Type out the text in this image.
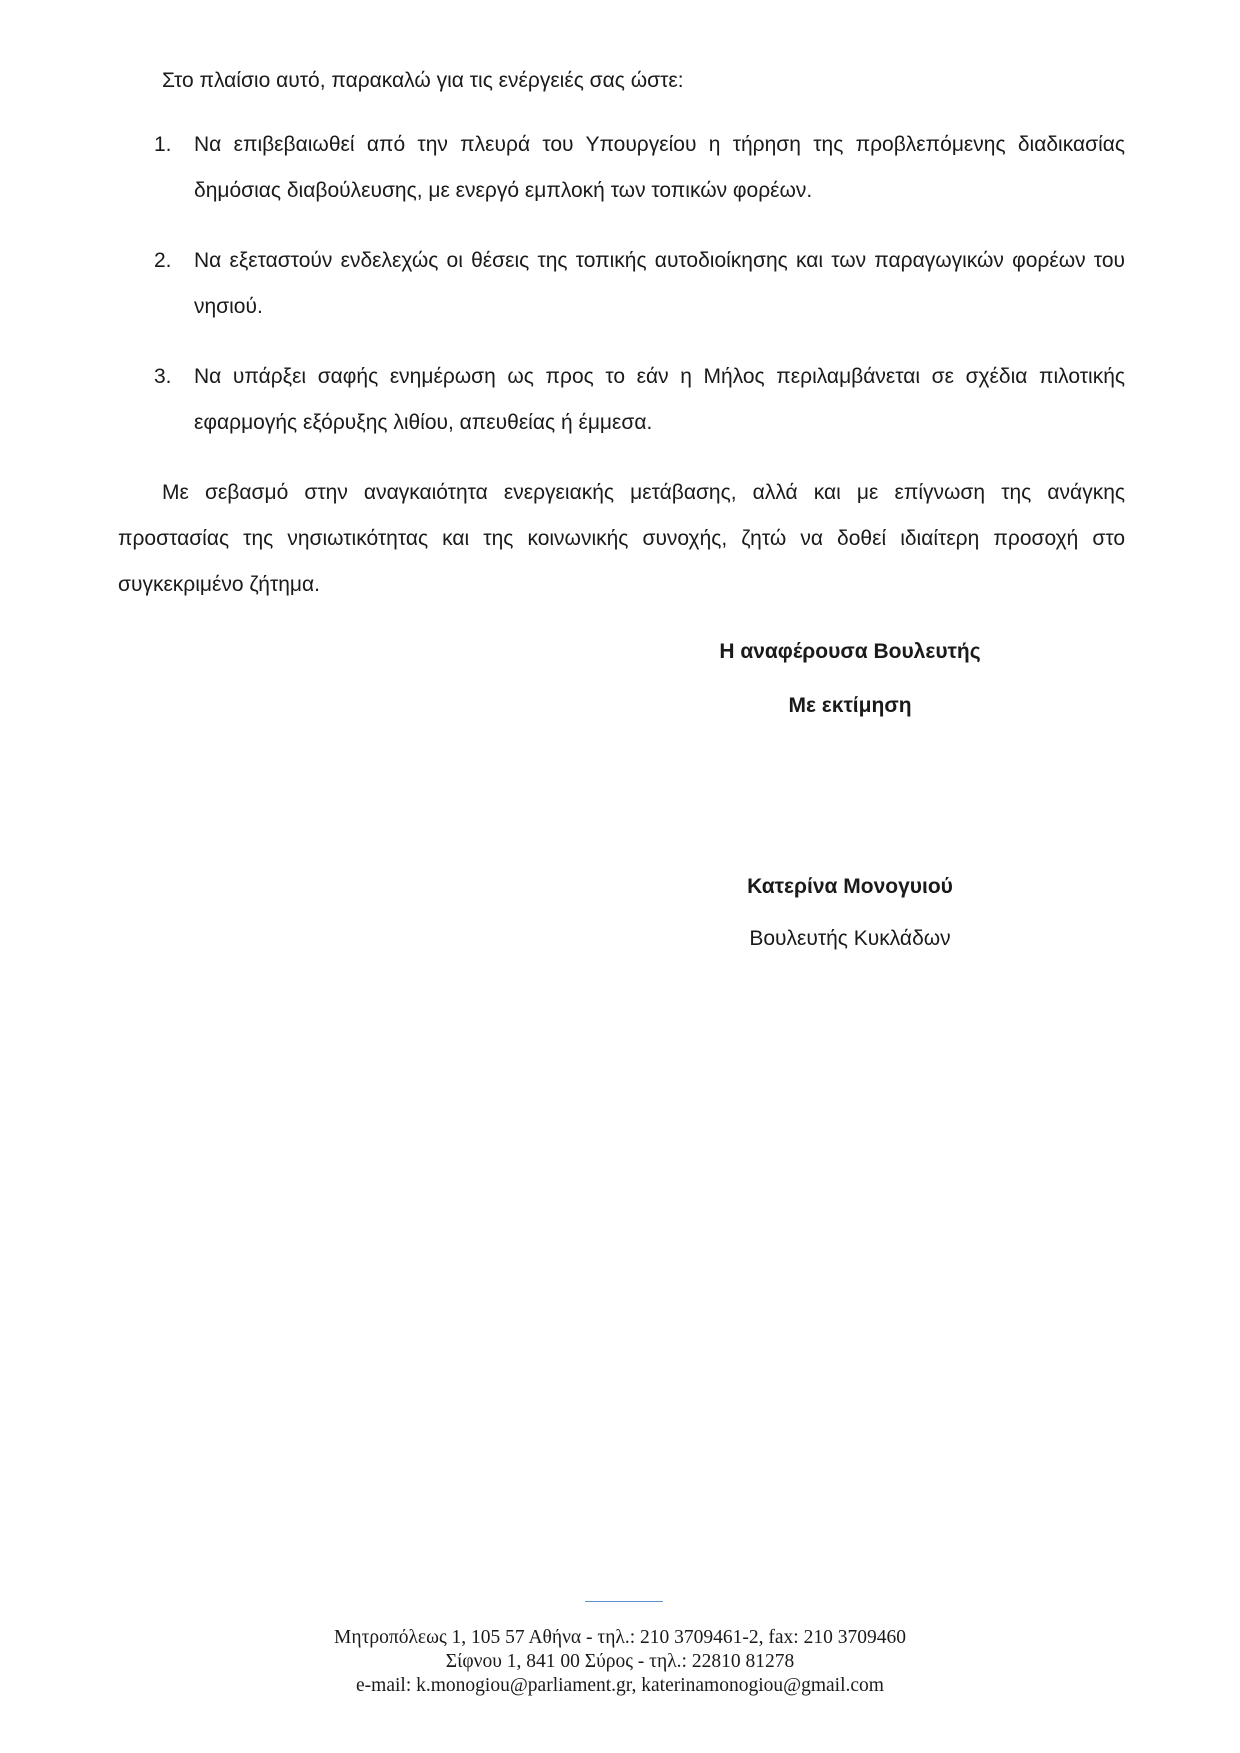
Στο πλαίσιο αυτό, παρακαλώ για τις ενέργειές σας ώστε:

1. Να επιβεβαιωθεί από την πλευρά του Υπουργείου η τήρηση της προβλεπόμενης διαδικασίας δημόσιας διαβούλευσης, με ενεργό εμπλοκή των τοπικών φορέων.
2. Να εξεταστούν ενδελεχώς οι θέσεις της τοπικής αυτοδιοίκησης και των παραγωγικών φορέων του νησιού.
3. Να υπάρξει σαφής ενημέρωση ως προς το εάν η Μήλος περιλαμβάνεται σε σχέδια πιλοτικής εφαρμογής εξόρυξης λιθίου, απευθείας ή έμμεσα.

Με σεβασμό στην αναγκαιότητα ενεργειακής μετάβασης, αλλά και με επίγνωση της ανάγκης προστασίας της νησιωτικότητας και της κοινωνικής συνοχής, ζητώ να δοθεί ιδιαίτερη προσοχή στο συγκεκριμένο ζήτημα.

Η αναφέρουσα Βουλευτής
Με εκτίμηση
Κατερίνα Μονογυιού
Βουλευτής Κυκλάδων
Μητροπόλεως 1, 105 57 Αθήνα - τηλ.: 210 3709461-2, fax: 210 3709460
Σίφνου 1, 841 00 Σύρος - τηλ.: 22810 81278
e-mail: k.monogiou@parliament.gr, katerinamonogiou@gmail.com
